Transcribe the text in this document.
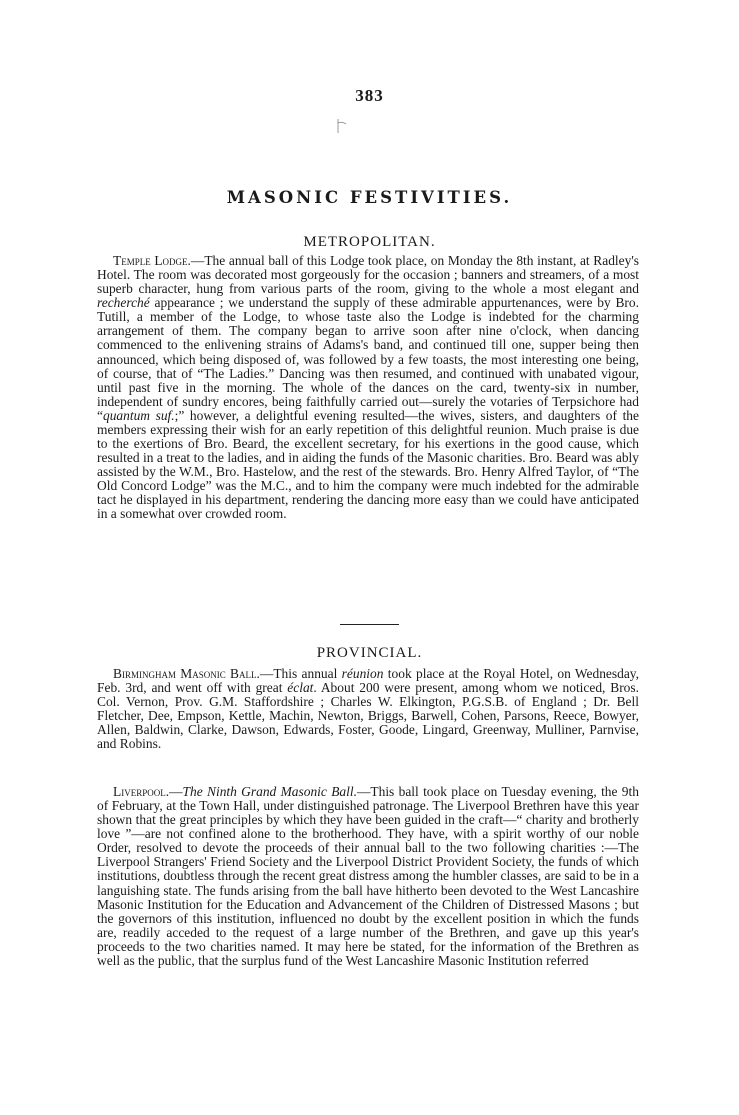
383
MASONIC FESTIVITIES.
METROPOLITAN.

Temple Lodge.—The annual ball of this Lodge took place, on Monday the 8th instant, at Radley's Hotel. The room was decorated most gorgeously for the occasion ; banners and streamers, of a most superb character, hung from various parts of the room, giving to the whole a most elegant and recherché appearance ; we understand the supply of these admirable appurtenances, were by Bro. Tutill, a member of the Lodge, to whose taste also the Lodge is indebted for the charming arrangement of them. The company began to arrive soon after nine o'clock, when dancing commenced to the enlivening strains of Adams's band, and continued till one, supper being then announced, which being disposed of, was followed by a few toasts, the most interesting one being, of course, that of “The Ladies.” Dancing was then resumed, and continued with unabated vigour, until past five in the morning. The whole of the dances on the card, twenty-six in number, independent of sundry encores, being faithfully carried out—surely the votaries of Terpsichore had “quantum suf.;” however, a delightful evening resulted—the wives, sisters, and daughters of the members expressing their wish for an early repetition of this delightful reunion. Much praise is due to the exertions of Bro. Beard, the excellent secretary, for his exertions in the good cause, which resulted in a treat to the ladies, and in aiding the funds of the Masonic charities. Bro. Beard was ably assisted by the W.M., Bro. Hastelow, and the rest of the stewards. Bro. Henry Alfred Taylor, of “The Old Concord Lodge” was the M.C., and to him the company were much indebted for the admirable tact he displayed in his department, rendering the dancing more easy than we could have anticipated in a somewhat over crowded room.

PROVINCIAL.

Birmingham Masonic Ball.—This annual réunion took place at the Royal Hotel, on Wednesday, Feb. 3rd, and went off with great éclat. About 200 were present, among whom we noticed, Bros. Col. Vernon, Prov. G.M. Staffordshire ; Charles W. Elkington, P.G.S.B. of England ; Dr. Bell Fletcher, Dee, Empson, Kettle, Machin, Newton, Briggs, Barwell, Cohen, Parsons, Reece, Bowyer, Allen, Baldwin, Clarke, Dawson, Edwards, Foster, Goode, Lingard, Greenway, Mulliner, Parnvise, and Robins.

Liverpool.—The Ninth Grand Masonic Ball.—This ball took place on Tuesday evening, the 9th of February, at the Town Hall, under distinguished patronage. The Liverpool Brethren have this year shown that the great principles by which they have been guided in the craft—“ charity and brotherly love ”—are not confined alone to the brotherhood. They have, with a spirit worthy of our noble Order, resolved to devote the proceeds of their annual ball to the two following charities :—The Liverpool Strangers' Friend Society and the Liverpool District Provident Society, the funds of which institutions, doubtless through the recent great distress among the humbler classes, are said to be in a languishing state. The funds arising from the ball have hitherto been devoted to the West Lancashire Masonic Institution for the Education and Advancement of the Children of Distressed Masons ; but the governors of this institution, influenced no doubt by the excellent position in which the funds are, readily acceded to the request of a large number of the Brethren, and gave up this year's proceeds to the two charities named. It may here be stated, for the information of the Brethren as well as the public, that the surplus fund of the West Lancashire Masonic Institution referred
